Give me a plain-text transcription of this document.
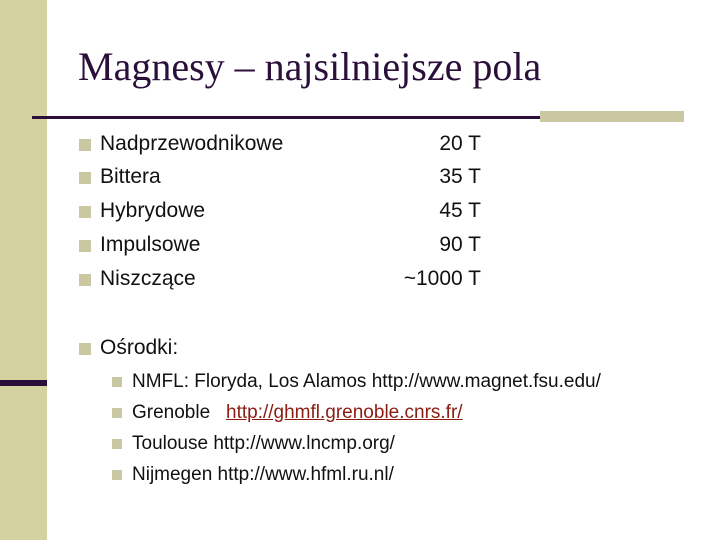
Magnesy – najsilniejsze pola
Nadprzewodnikowe	20 T
Bittera	35 T
Hybrydowe	45 T
Impulsowe	90 T
Niszczące	~1000 T
Ośrodki:
NMFL: Floryda, Los Alamos http://www.magnet.fsu.edu/
Grenoble http://ghmfl.grenoble.cnrs.fr/
Toulouse http://www.lncmp.org/
Nijmegen http://www.hfml.ru.nl/
